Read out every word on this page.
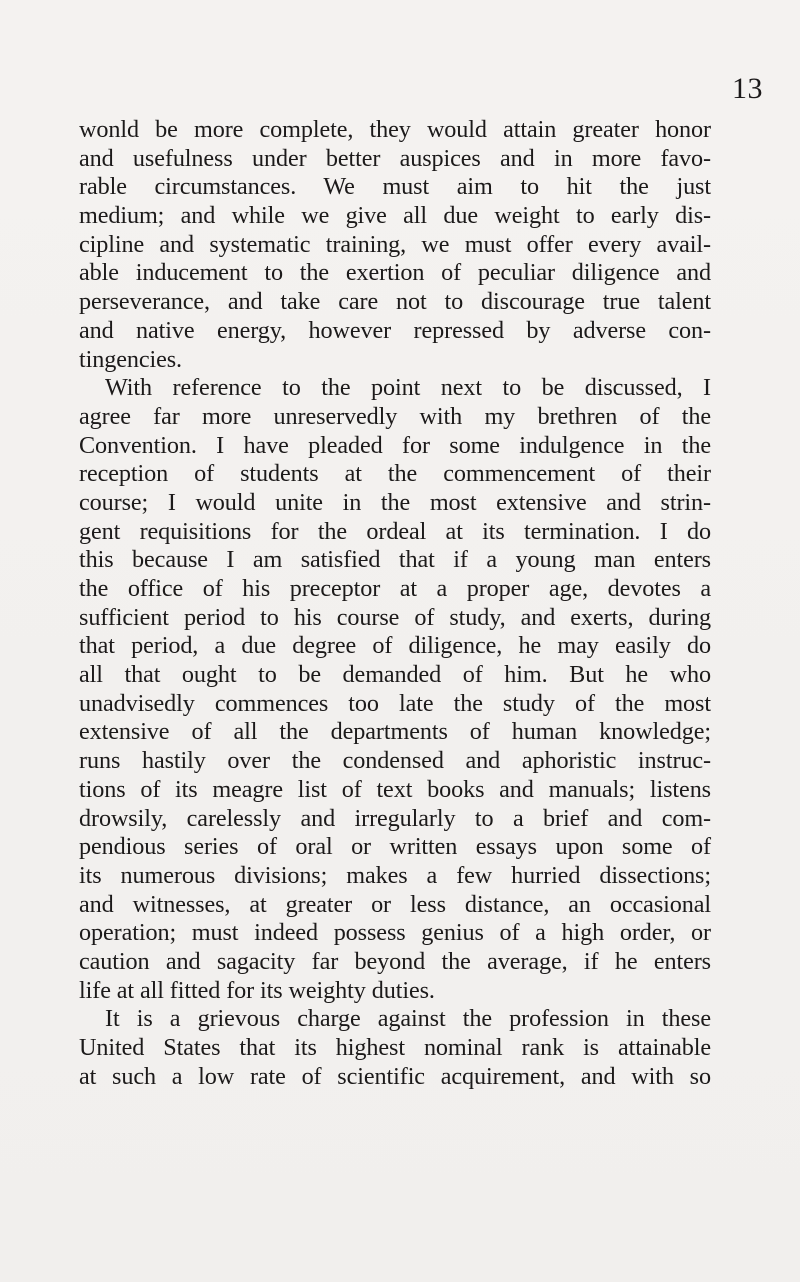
13
wonld be more complete, they would attain greater honor
and usefulness under better auspices and in more favo-
rable circumstances. We must aim to hit the just
medium; and while we give all due weight to early dis-
cipline and systematic training, we must offer every avail-
able inducement to the exertion of peculiar diligence and
perseverance, and take care not to discourage true talent
and native energy, however repressed by adverse con-
tingencies.
With reference to the point next to be discussed, I
agree far more unreservedly with my brethren of the
Convention. I have pleaded for some indulgence in the
reception of students at the commencement of their
course; I would unite in the most extensive and strin-
gent requisitions for the ordeal at its termination. I do
this because I am satisfied that if a young man enters
the office of his preceptor at a proper age, devotes a
sufficient period to his course of study, and exerts, during
that period, a due degree of diligence, he may easily do
all that ought to be demanded of him. But he who
unadvisedly commences too late the study of the most
extensive of all the departments of human knowledge;
runs hastily over the condensed and aphoristic instruc-
tions of its meagre list of text books and manuals; listens
drowsily, carelessly and irregularly to a brief and com-
pendious series of oral or written essays upon some of
its numerous divisions; makes a few hurried dissections;
and witnesses, at greater or less distance, an occasional
operation; must indeed possess genius of a high order, or
caution and sagacity far beyond the average, if he enters
life at all fitted for its weighty duties.
It is a grievous charge against the profession in these
United States that its highest nominal rank is attainable
at such a low rate of scientific acquirement, and with so
